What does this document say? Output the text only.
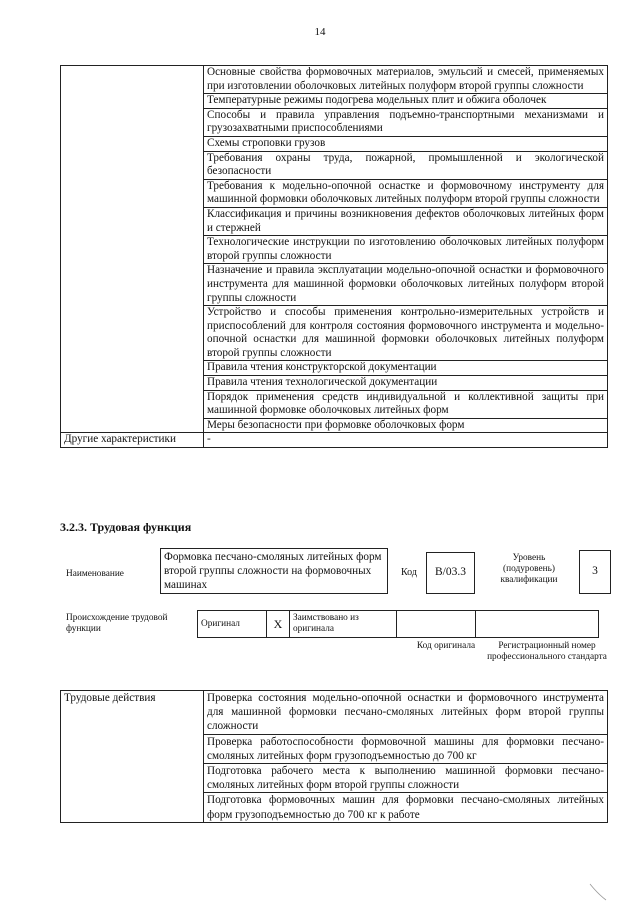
14
	Основные свойства формовочных материалов, эмульсий и смесей, применяемых при изготовлении оболочковых литейных полуформ второй группы сложности
	Температурные режимы подогрева модельных плит и обжига оболочек
	Способы и правила управления подъемно-транспортными механизмами и грузозахватными приспособлениями
	Схемы строповки грузов
	Требования охраны труда, пожарной, промышленной и экологической безопасности
	Требования к модельно-опочной оснастке и формовочному инструменту для машинной формовки оболочковых литейных полуформ второй группы сложности
	Классификация и причины возникновения дефектов оболочковых литейных форм и стержней
	Технологические инструкции по изготовлению оболочковых литейных полуформ второй группы сложности
	Назначение и правила эксплуатации модельно-опочной оснастки и формовочного инструмента для машинной формовки оболочковых литейных полуформ второй группы сложности
	Устройство и способы применения контрольно-измерительных устройств и приспособлений для контроля состояния формовочного инструмента и модельно-опочной оснастки для машинной формовки оболочковых литейных полуформ второй группы сложности
	Правила чтения конструкторской документации
	Правила чтения технологической документации
	Порядок применения средств индивидуальной и коллективной защиты при машинной формовке оболочковых литейных форм
	Меры безопасности при формовке оболочковых форм
Другие характеристики	-
3.2.3. Трудовая функция
Наименование
Формовка песчано-смоляных литейных форм второй группы сложности на формовочных машинах
Код	B/03.3
Уровень (подуровень) квалификации
3
Происхождение трудовой функции	Оригинал	X	Заимствовано из оригинала		
Код оригинала	Регистрационный номер профессионального стандарта
Трудовые действия	Проверка состояния модельно-опочной оснастки и формовочного инструмента для машинной формовки песчано-смоляных литейных форм второй группы сложности
Проверка работоспособности формовочной машины для формовки песчано-смоляных литейных форм грузоподъемностью до 700 кг
Подготовка рабочего места к выполнению машинной формовки песчано-смоляных литейных форм второй группы сложности
Подготовка формовочных машин для формовки песчано-смоляных литейных форм грузоподъемностью до 700 кг к работе
